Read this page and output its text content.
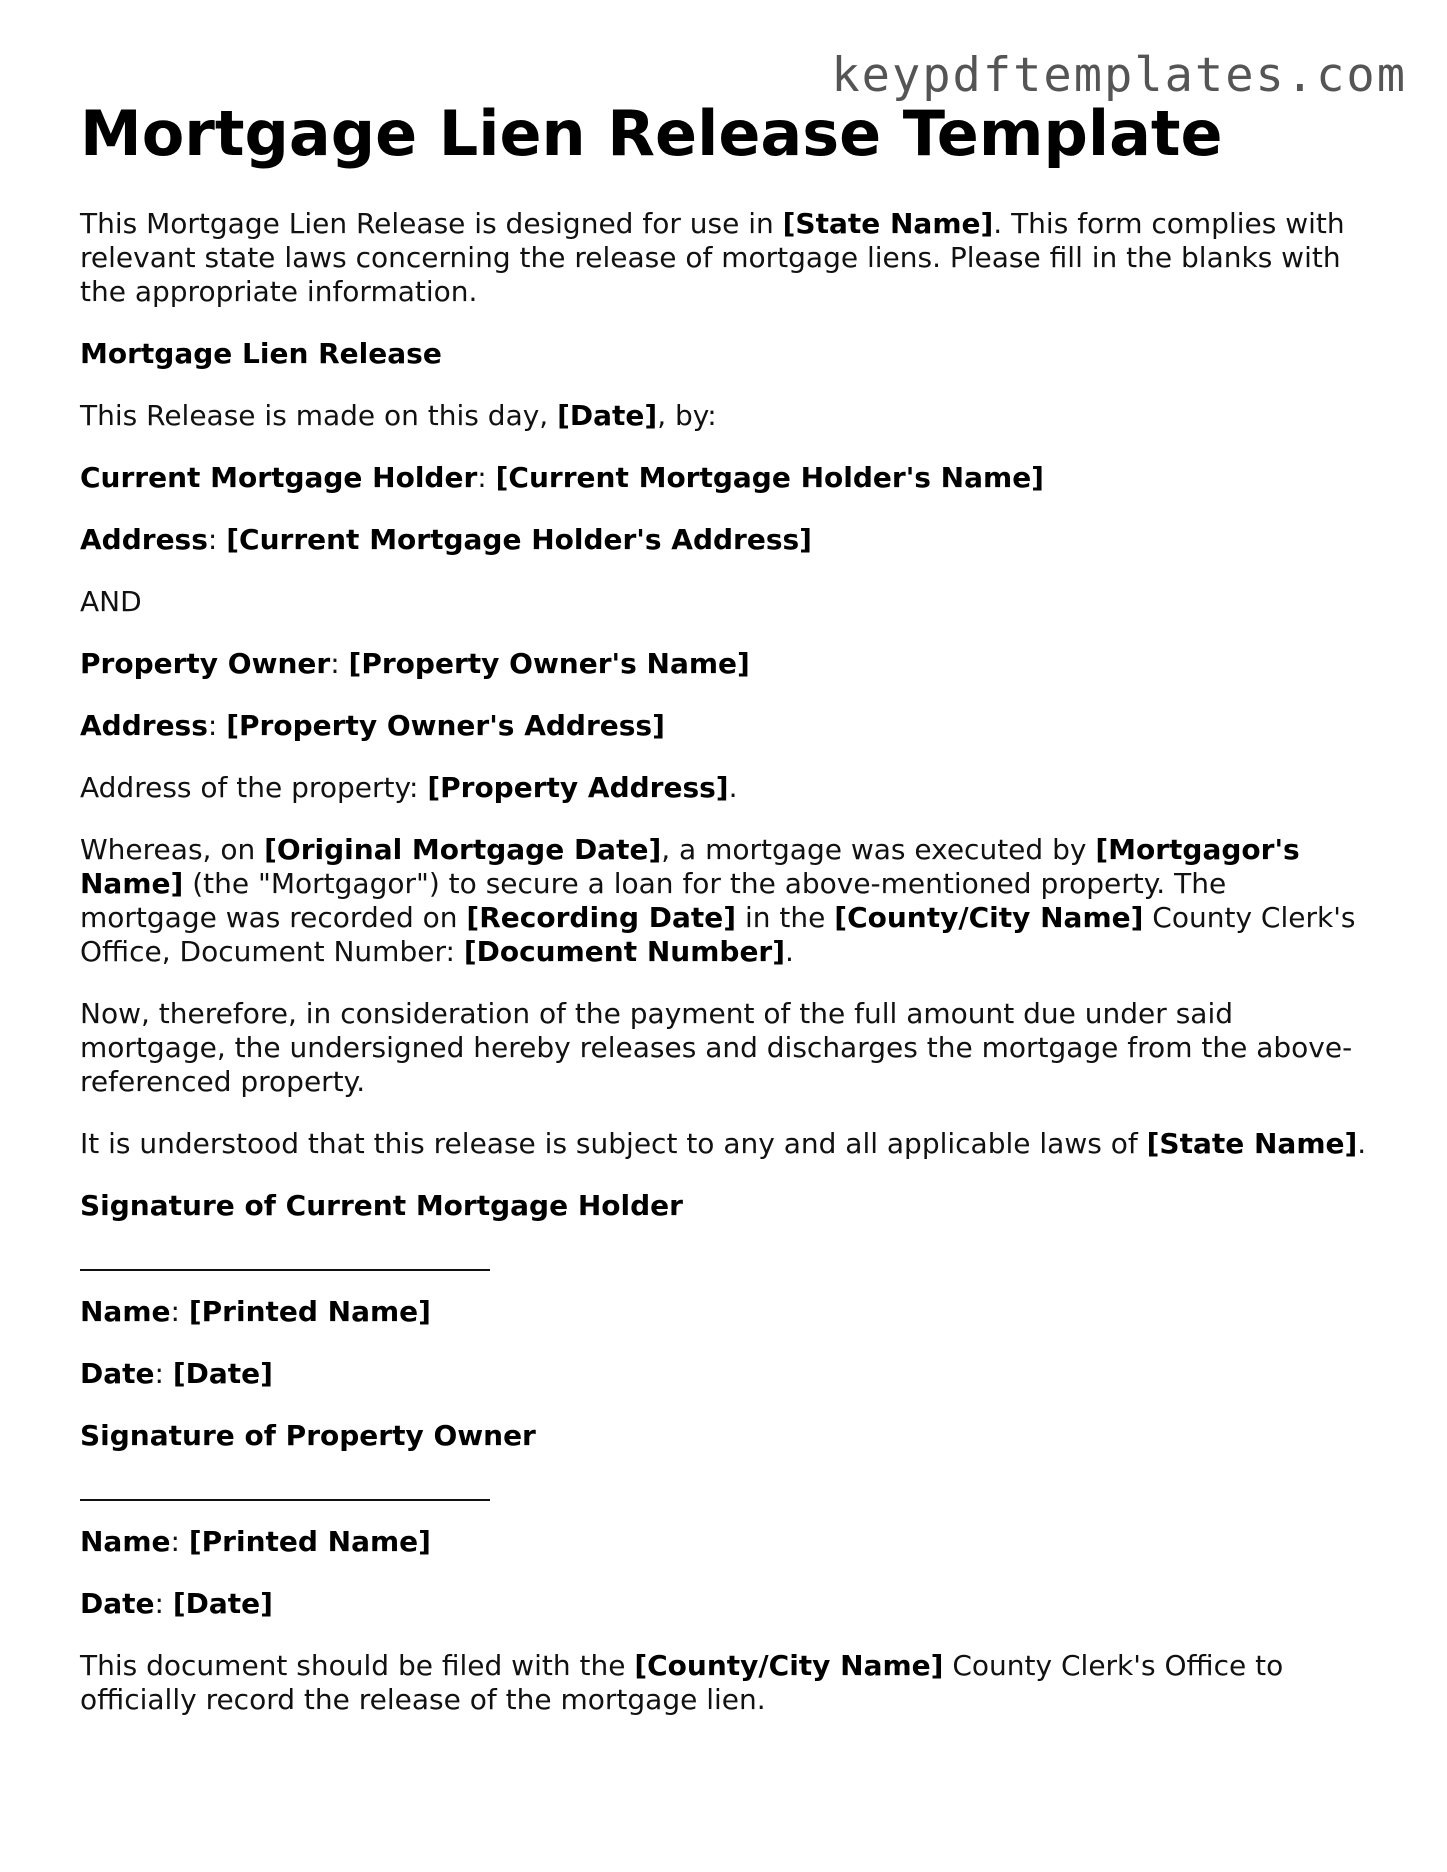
keypdftemplates.com
Mortgage Lien Release Template

This Mortgage Lien Release is designed for use in [State Name]. This form complies with relevant state laws concerning the release of mortgage liens. Please fill in the blanks with the appropriate information.

Mortgage Lien Release

This Release is made on this day, [Date], by:

Current Mortgage Holder: [Current Mortgage Holder's Name]

Address: [Current Mortgage Holder's Address]

AND

Property Owner: [Property Owner's Name]

Address: [Property Owner's Address]

Address of the property: [Property Address].

Whereas, on [Original Mortgage Date], a mortgage was executed by [Mortgagor's Name] (the "Mortgagor") to secure a loan for the above-mentioned property. The mortgage was recorded on [Recording Date] in the [County/City Name] County Clerk's Office, Document Number: [Document Number].

Now, therefore, in consideration of the payment of the full amount due under said mortgage, the undersigned hereby releases and discharges the mortgage from the above-referenced property.

It is understood that this release is subject to any and all applicable laws of [State Name].

Signature of Current Mortgage Holder

Name: [Printed Name]

Date: [Date]

Signature of Property Owner

Name: [Printed Name]

Date: [Date]

This document should be filed with the [County/City Name] County Clerk's Office to officially record the release of the mortgage lien.
